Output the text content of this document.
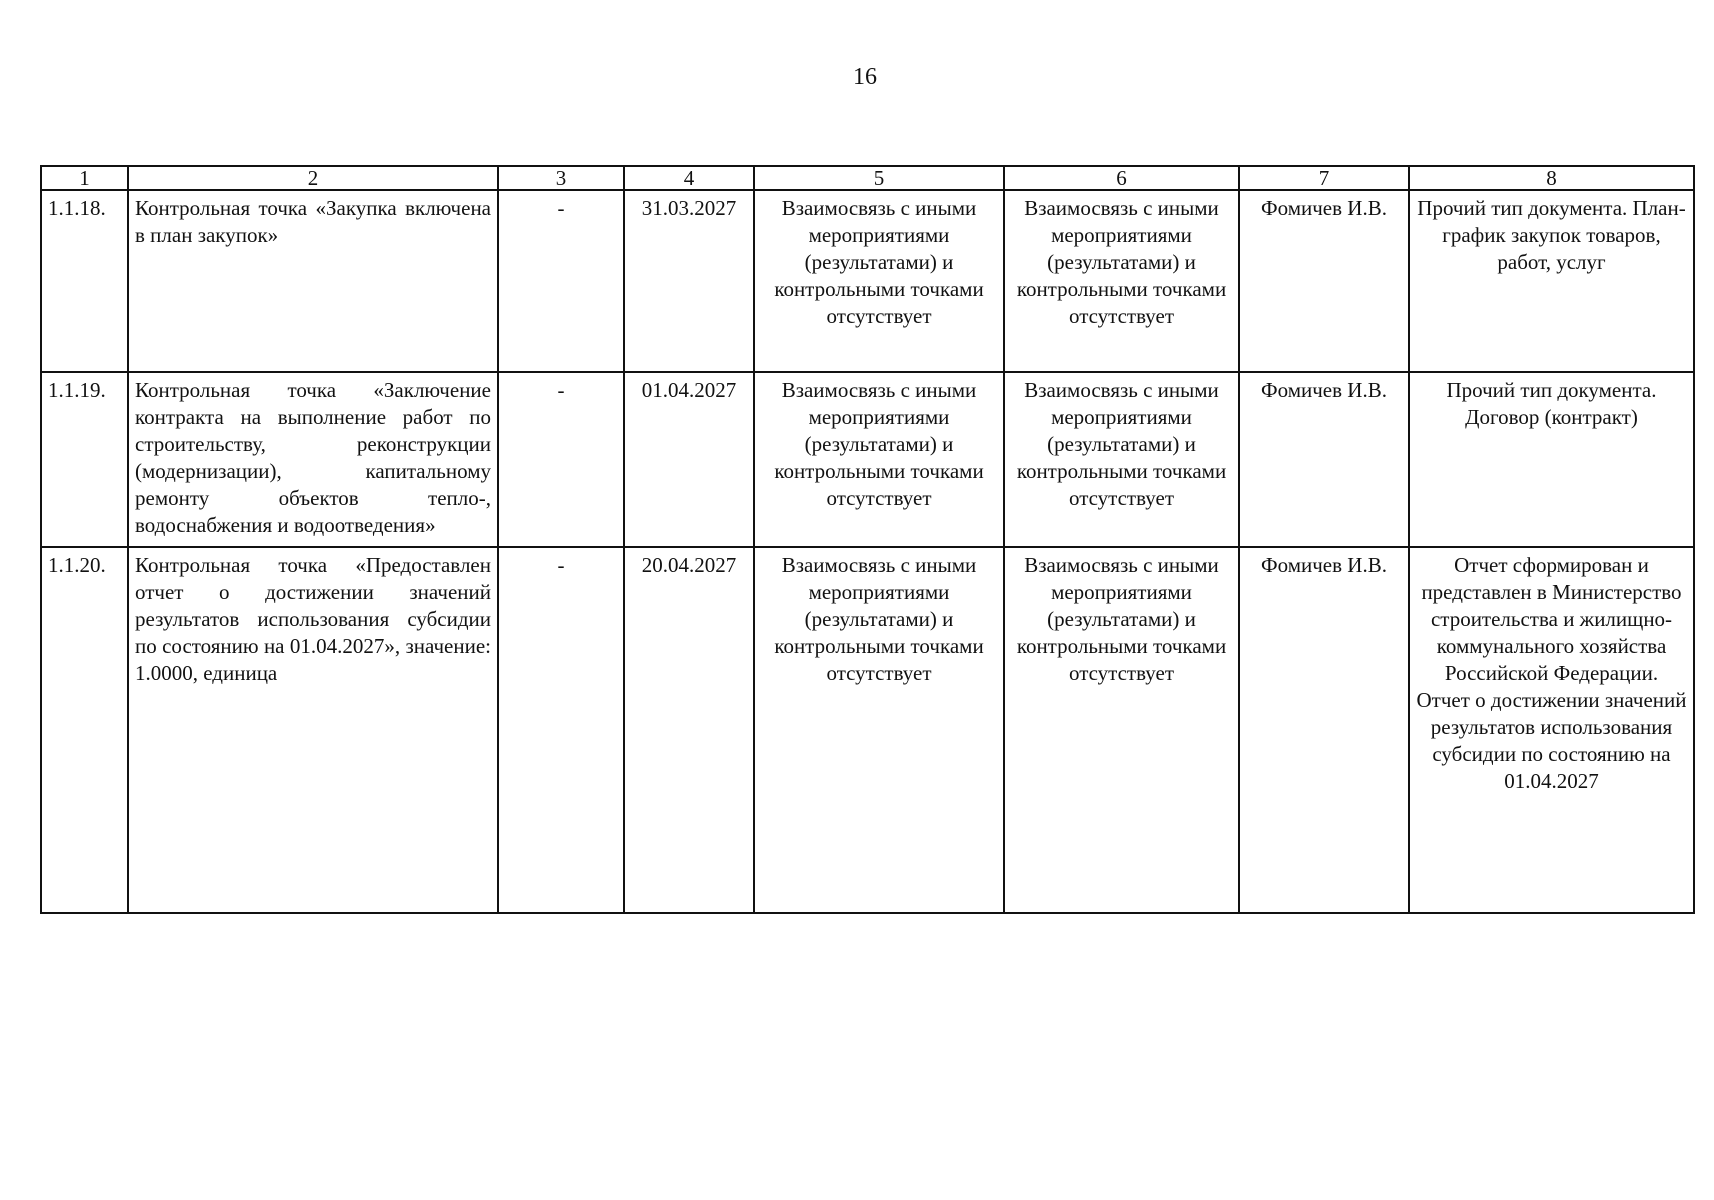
16
1	2	3	4	5	6	7	8
1.1.18.	Контрольная точка «Закупка включена в план закупок»	-	31.03.2027	Взаимосвязь с иными мероприятиями (результатами) и контрольными точками отсутствует	Взаимосвязь с иными мероприятиями (результатами) и контрольными точками отсутствует	Фомичев И.В.	Прочий тип документа. План-график закупок товаров, работ, услуг
1.1.19.	Контрольная точка «Заключение контракта на выполнение работ по строительству, реконструкции (модернизации), капитальному ремонту объектов тепло-, водоснабжения и водоотведения»	-	01.04.2027	Взаимосвязь с иными мероприятиями (результатами) и контрольными точками отсутствует	Взаимосвязь с иными мероприятиями (результатами) и контрольными точками отсутствует	Фомичев И.В.	Прочий тип документа. Договор (контракт)
1.1.20.	Контрольная точка «Предоставлен отчет о достижении значений результатов использования субсидии по состоянию на 01.04.2027», значение: 1.0000, единица	-	20.04.2027	Взаимосвязь с иными мероприятиями (результатами) и контрольными точками отсутствует	Взаимосвязь с иными мероприятиями (результатами) и контрольными точками отсутствует	Фомичев И.В.	Отчет сформирован и представлен в Министерство строительства и жилищно-коммунального хозяйства Российской Федерации. Отчет о достижении значений результатов использования субсидии по состоянию на 01.04.2027
